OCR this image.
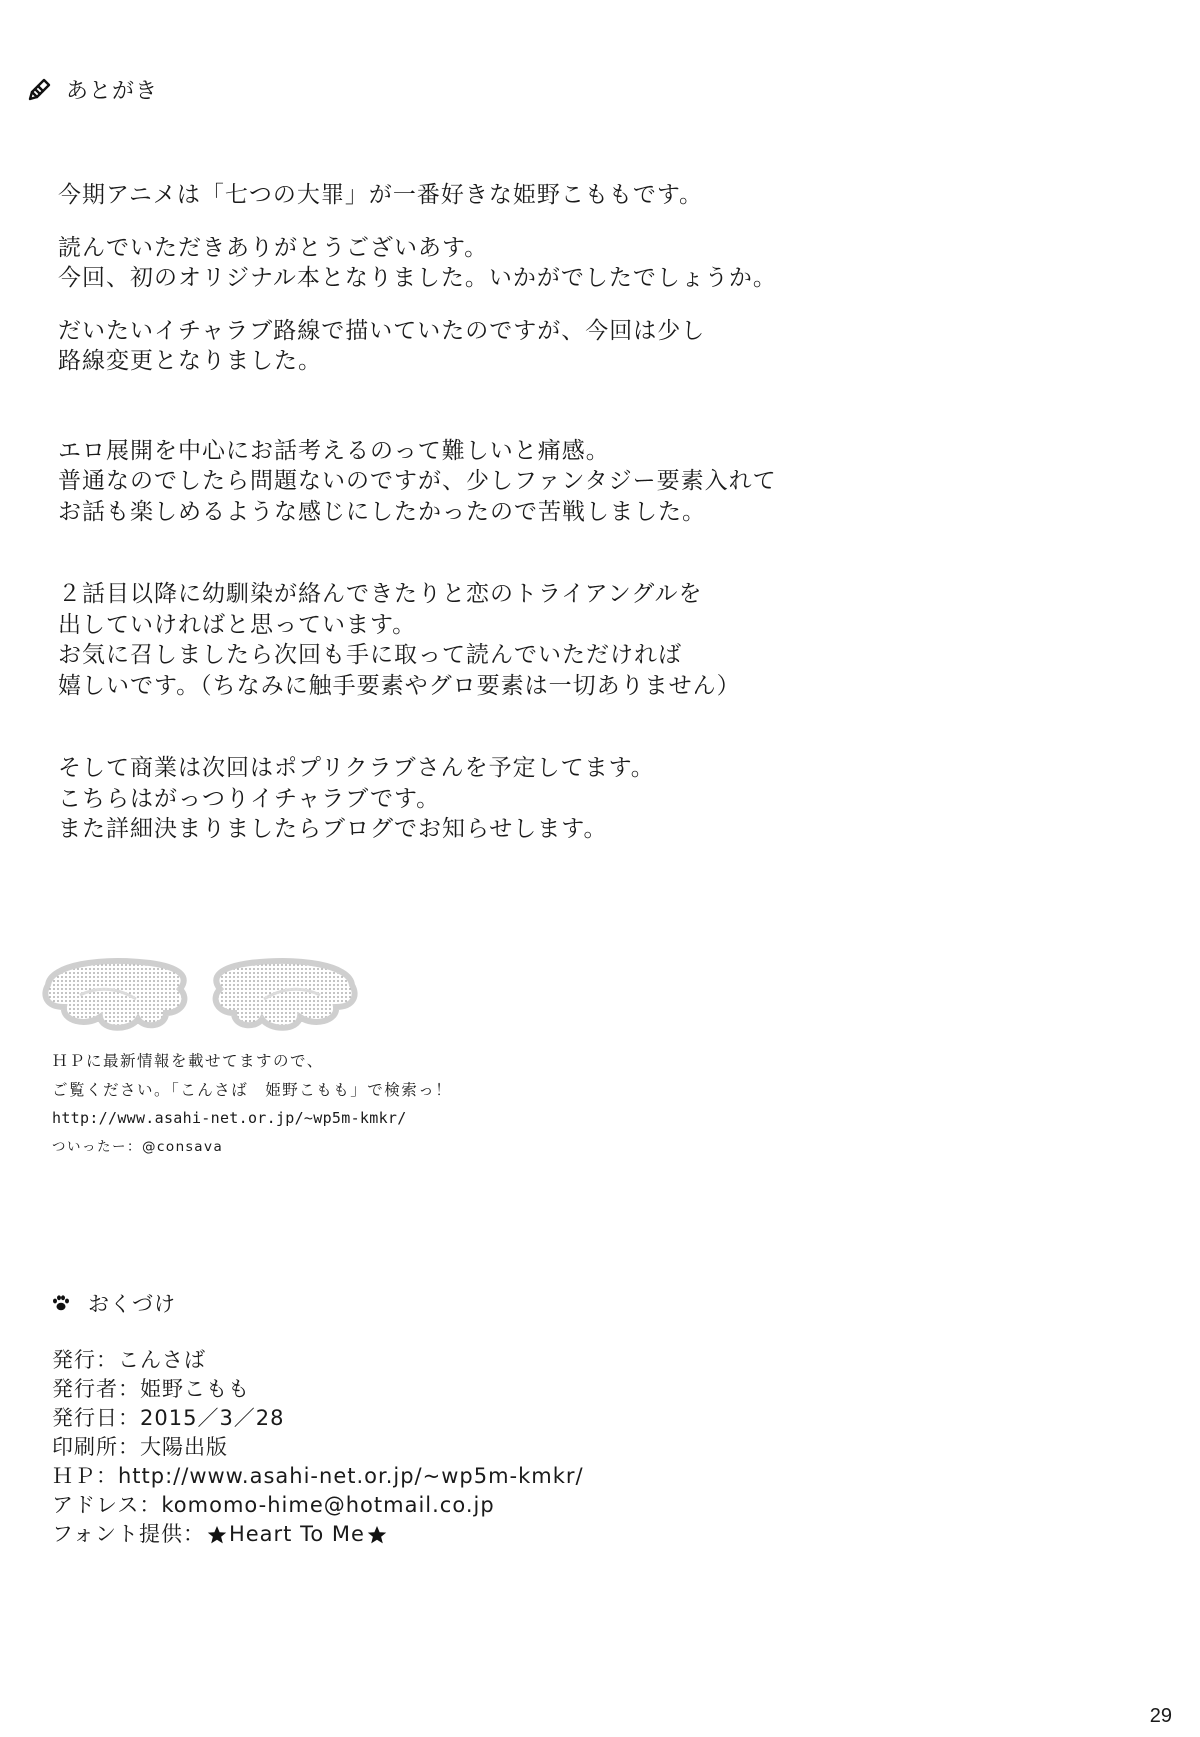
あとがき

今期アニメは「七つの大罪」が一番好きな姫野こももです。

読んでいただきありがとうございあす。
今回、初のオリジナル本となりました。いかがでしたでしょうか。

だいたいイチャラブ路線で描いていたのですが、今回は少し
路線変更となりました。

エロ展開を中心にお話考えるのって難しいと痛感。
普通なのでしたら問題ないのですが、少しファンタジー要素入れて
お話も楽しめるような感じにしたかったので苦戦しました。

２話目以降に幼馴染が絡んできたりと恋のトライアングルを
出していければと思っています。
お気に召しましたら次回も手に取って読んでいただければ
嬉しいです。（ちなみに触手要素やグロ要素は一切ありません）

そして商業は次回はポプリクラブさんを予定してます。
こちらはがっつりイチャラブです。
また詳細決まりましたらブログでお知らせします。

ＨＰに最新情報を載せてますので、
ご覧ください。「こんさば　姫野こもも」で検索っ！
http://www.asahi-net.or.jp/~wp5m-kmkr/
ついったー：@consava
おくづけ
発行： こんさば
発行者： 姫野こもも
発行日： 2015／3／28
印刷所： 大陽出版
ＨＰ： http://www.asahi-net.or.jp/~wp5m-kmkr/
アドレス： komomo-hime@hotmail.co.jp
フォント提供： Heart To Me
29
